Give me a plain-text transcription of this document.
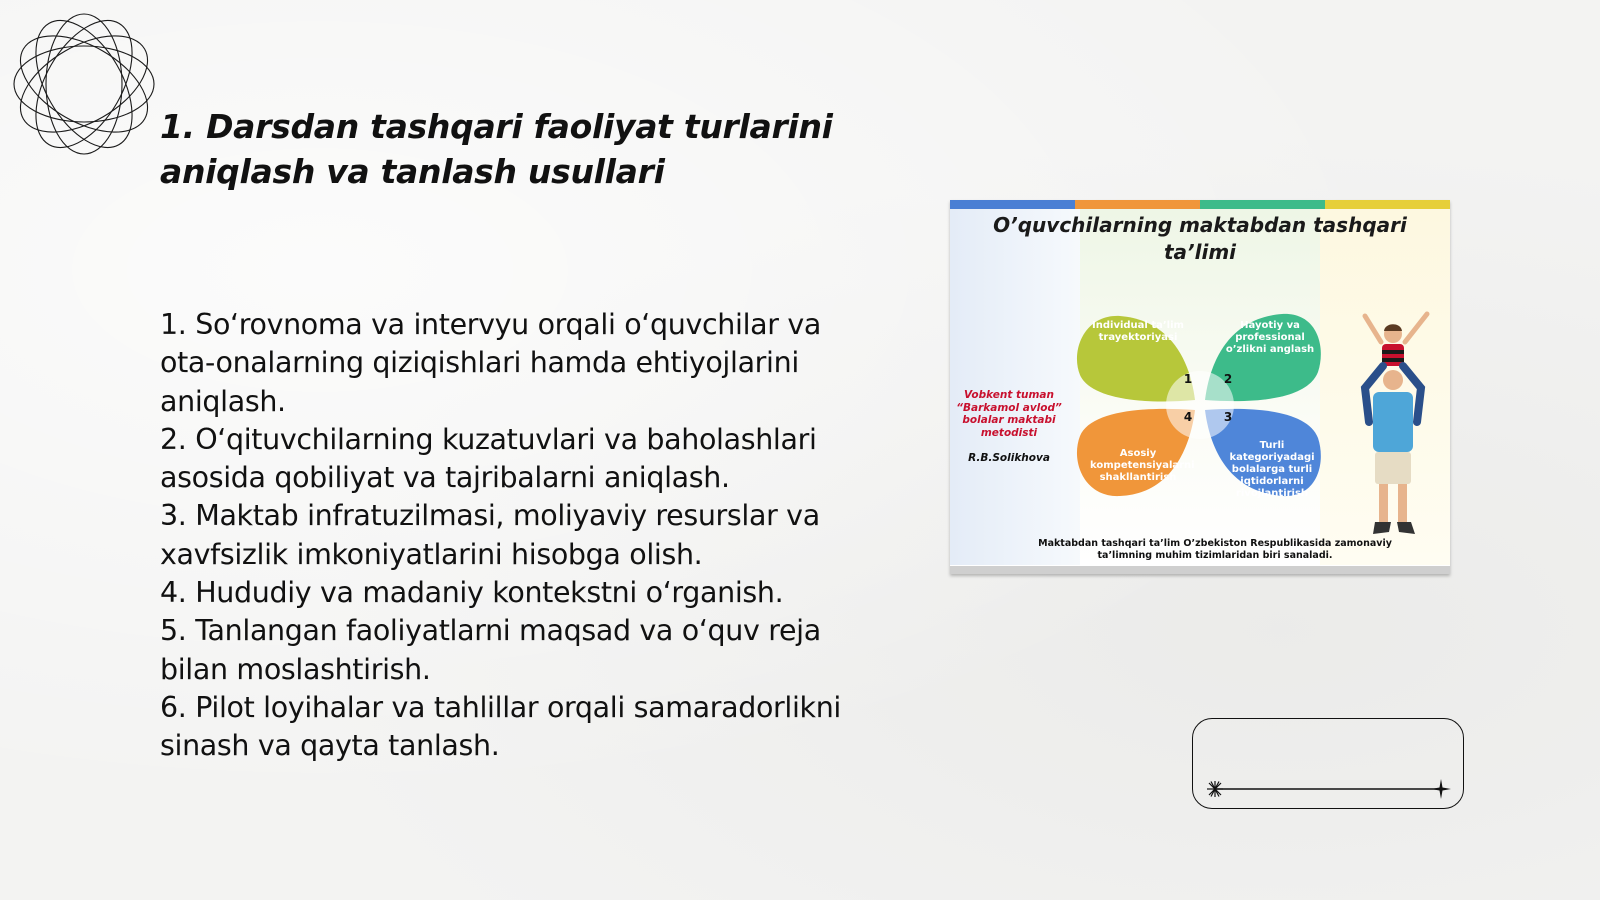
1. Darsdan tashqari faoliyat turlarini aniqlash va tanlash usullari
1. So‘rovnoma va intervyu orqali o‘quvchilar va ota-onalarning qiziqishlari hamda ehtiyojlarini aniqlash.
2. O‘qituvchilarning kuzatuvlari va baholashlari asosida qobiliyat va tajribalarni aniqlash.
3. Maktab infratuzilmasi, moliyaviy resurslar va xavfsizlik imkoniyatlarini hisobga olish.
4. Hududiy va madaniy kontekstni o‘rganish.
5. Tanlangan faoliyatlarni maqsad va o‘quv reja bilan moslashtirish.
6. Pilot loyihalar va tahlillar orqali samaradorlikni sinash va qayta tanlash.

O’quvchilarning maktabdan tashqari ta’limi

Individual ta’lim trayektoriyasi
Hayotiy va professional o’zlikni anglash
Turli kategoriyadagi bolalarga turli iqtidorlarni rivojlantirish
Asosiy kompetensiyalarni shakllantirish
1	2
3
4

Vobkent tuman “Barkamol avlod” bolalar maktabi metodisti

R.B.Solikhova

Maktabdan tashqari ta’lim O’zbekiston Respublikasida zamonaviy ta’limning muhim tizimlaridan biri sanaladi.
